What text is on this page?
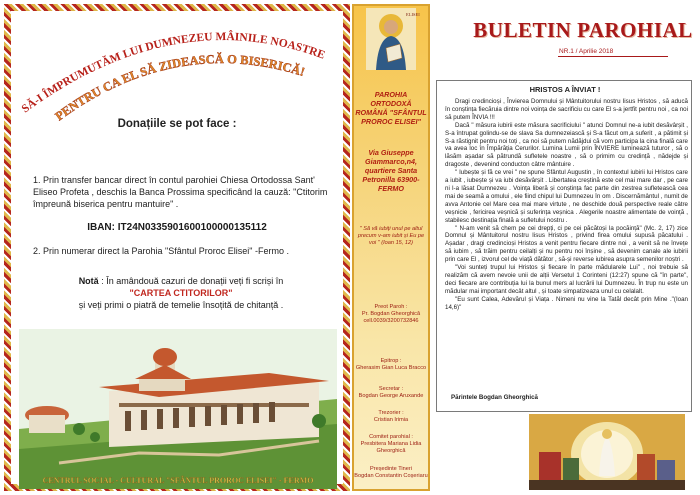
SĂ-I ÎMPRUMUTĂM LUI DUMNEZEU MÂINILE NOASTRE
PENTRU CA EL SĂ ZIDEASCĂ O BISERICĂ!
Donațiile se pot face :
1. Prin transfer bancar direct în contul parohiei Chiesa Ortodossa Sant' Eliseo Profeta , deschis la Banca Prossima specificând la cauză: "Ctitorim împreună biserica pentru mantuire" .
IBAN: IT24N0335901600100000135112
2. Prin numerar direct la Parohia "Sfântul Proroc Elisei" -Fermo .
Notă : În amândouă cazuri de donații veți fi scriși în
"CARTEA CTITORILOR"
și veți primi o piatră de temelie însoțită de chitanță .
CENTRUL SOCIAL - CULTURAL "SFÂNTUL PROROC ELISEI" - FERMO
ELISEI
PAROHIA ORTODOXĂ ROMÂNĂ "SFÂNTUL PROROC ELISEI"
Via Giuseppe Giammarco,n4, quartiere Santa Petronilla 63900- FERMO
" Să vă iubiți unul pe altul precum v-am iubit și Eu pe voi " (Ioan 15, 12)
Preot Paroh :
Pr. Bogdan Gheorghică
cell.0039/3200732846
Epitrop :
Gherasim Gian Luca Bracco
Secretar :
Bogdan George Aruxande
Trezorier :
Cristian Irimia
Comitet parohial :
Presbitera Mariana Lidia Gheorghică
Președinte Tineri
Bogdan Constantin Coșeriaru
BULETIN PAROHIAL
NR.1 / Aprilie 2018
HRISTOS A ÎNVIAT !

Dragi credincioși , Învierea Domnului și Mântuitorului nostru Iisus Hristos , să aducă în conștința fiecăruia dintre noi voința de sacrificiu cu care El s-a jertfit pentru noi , ca noi să putem ÎNVIA !!!

Dacă " măsura iubirii este măsura sacrificiului " atunci Domnul ne-a iubit desăvârșit , S-a întrupat golindu-se de slava Sa dumnezeiască și S-a făcut om,a suferit , a pătimit și S-a răstignit pentru noi toți , ca noi să putem nădăjdui că vom participa la cina finală care va avea loc în Împărăția Cerurilor. Lumina Lumii prin ÎNVIERE luminează tuturor , să o lăsăm așadar să pătrundă sufletele noastre , să o primim cu credință , nădejde și dragoste , devenind conducton câtre mântuire .

" Iubește și fă ce vrei " ne spune Sfântul Augustin , în contextul iubirii lui Hristos care a iubit , iubește și va iubi desăvârșit . Libertatea creștină este cel mai mare dar , pe care ni l-a lăsat Dumnezeu . Voința liberă și conștința fac parte din zestrea sufletească cea mai de seamă a omului , ele fiind chipul lui Dumnezeu în om . Discernământul , numit de avva Antonie cel Mare cea mai mare virtute , ne deschide două perspective reale câtre veșnicie , fericirea veșnică și suferința veșnica . Alegerile noastre alimentate de voință , stabilesc destinația finală a sufletului nostru .

" N-am venit să chem pe cei drepți, ci pe cei păcătoși la pocăință" (Mc. 2, 17) zice Domnul și Mântuitorul nostru Iisus Hristos , privind firea omului supusă păcatului . Așadar , dragi credincioși Hristos a venit pentru fiecare dintre noi , a venit să ne învețe să iubim , să trăim pentru ceilalți și nu pentru noi înșine , să devenim canale ale iubirii prin care El , izvorul cel de viață dătător , să-și reverse iubirea asupra semenilor noștri .

"Voi sunteți trupul lui Hristos și fiecare în parte mădularele Lui" , noi trebuie să realizăm că avem nevoie unii de alții Versetul 1 Corinteni (12:27) spune că "în parte", deci fiecare are contribuția lui la bunul mers al lucrării lui Dumnezeu. În trup nu este un mădular mai important decât altul , și toate simpatizeaza unul cu celalalt.

"Eu sunt Calea, Adevărul și Viața . Nimeni nu vine la Tatăl decât prin Mine ."(Ioan 14,6)"

Părintele Bogdan Gheorghică
